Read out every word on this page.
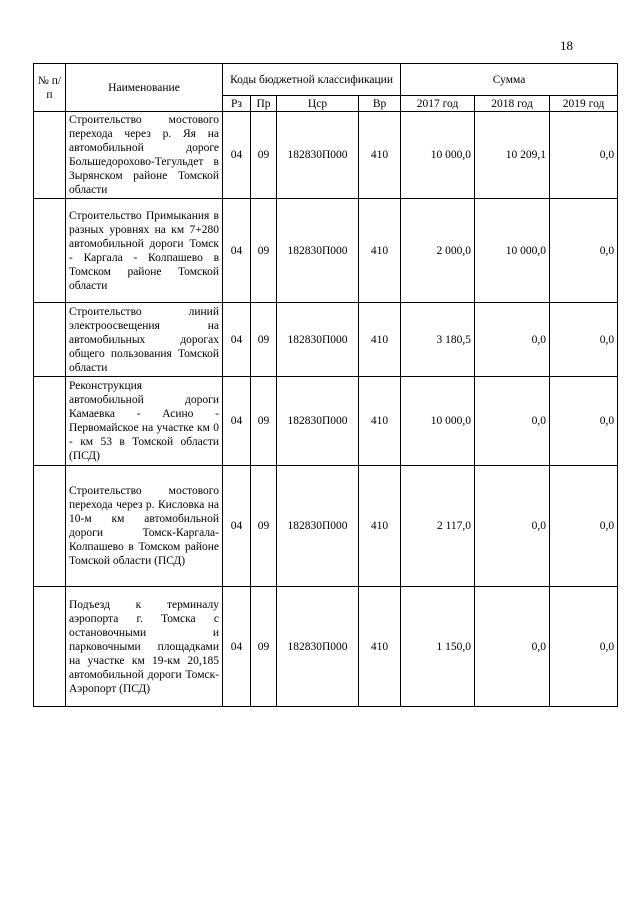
18
№ п/п	Наименование	Коды бюджетной классификации				Сумма		
		Рз	Пр	Цср	Вр	2017 год	2018 год	2019 год
	Строительство мостового перехода через р. Яя на автомобильной дороге Большедорохово-Тегульдет в Зырянском районе Томской области	04	09	182830П000	410	10 000,0	10 209,1	0,0
	Строительство Примыкания в разных уровнях на км 7+280 автомобильной дороги Томск - Каргала - Колпашево в Томском районе Томской области	04	09	182830П000	410	2 000,0	10 000,0	0,0
	Строительство линий электроосвещения на автомобильных дорогах общего пользования Томской области	04	09	182830П000	410	3 180,5	0,0	0,0
	Реконструкция автомобильной дороги Камаевка - Асино - Первомайское на участке км 0 - км 53 в Томской области (ПСД)	04	09	182830П000	410	10 000,0	0,0	0,0
	Строительство мостового перехода через р. Кисловка на 10-м км автомобильной дороги Томск-Каргала-Колпашево в Томском районе Томской области (ПСД)	04	09	182830П000	410	2 117,0	0,0	0,0
	Подъезд к терминалу аэропорта г. Томска с остановочными и парковочными площадками на участке км 19-км 20,185 автомобильной дороги Томск-Аэропорт (ПСД)	04	09	182830П000	410	1 150,0	0,0	0,0
